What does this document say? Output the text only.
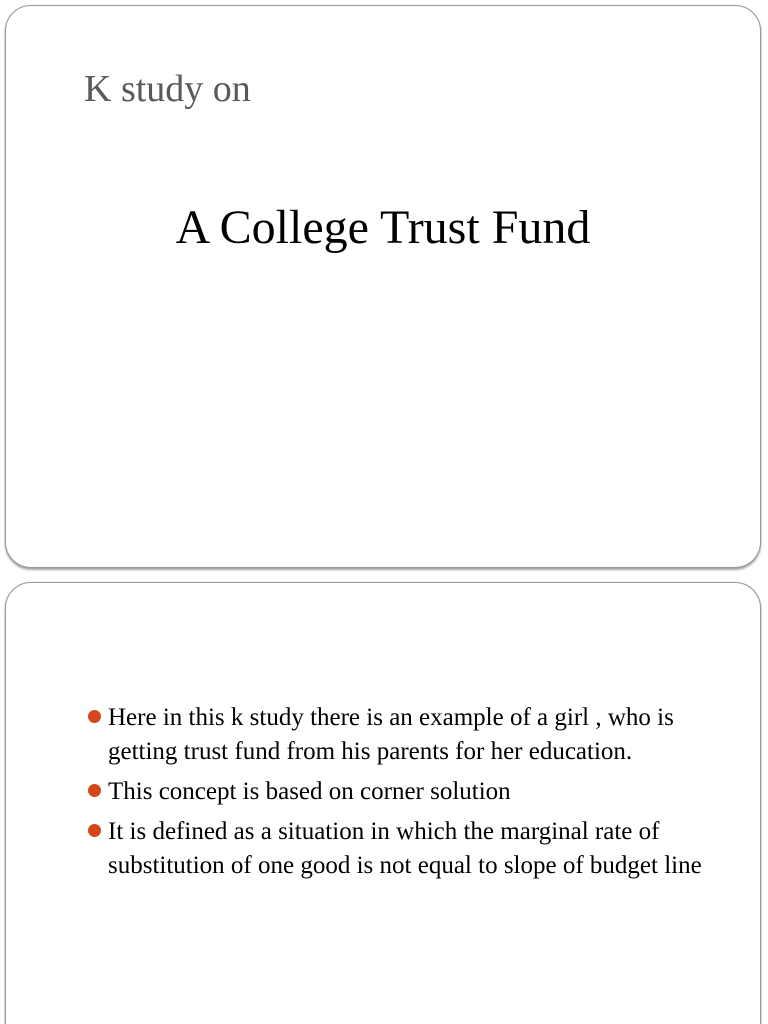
K study on
A College Trust Fund
Here in this k study there is an example of a girl , who is getting trust fund from his parents for her education.
This concept is based on corner solution
It is defined as a situation in which the marginal rate of substitution of one good is not equal to slope of budget line
